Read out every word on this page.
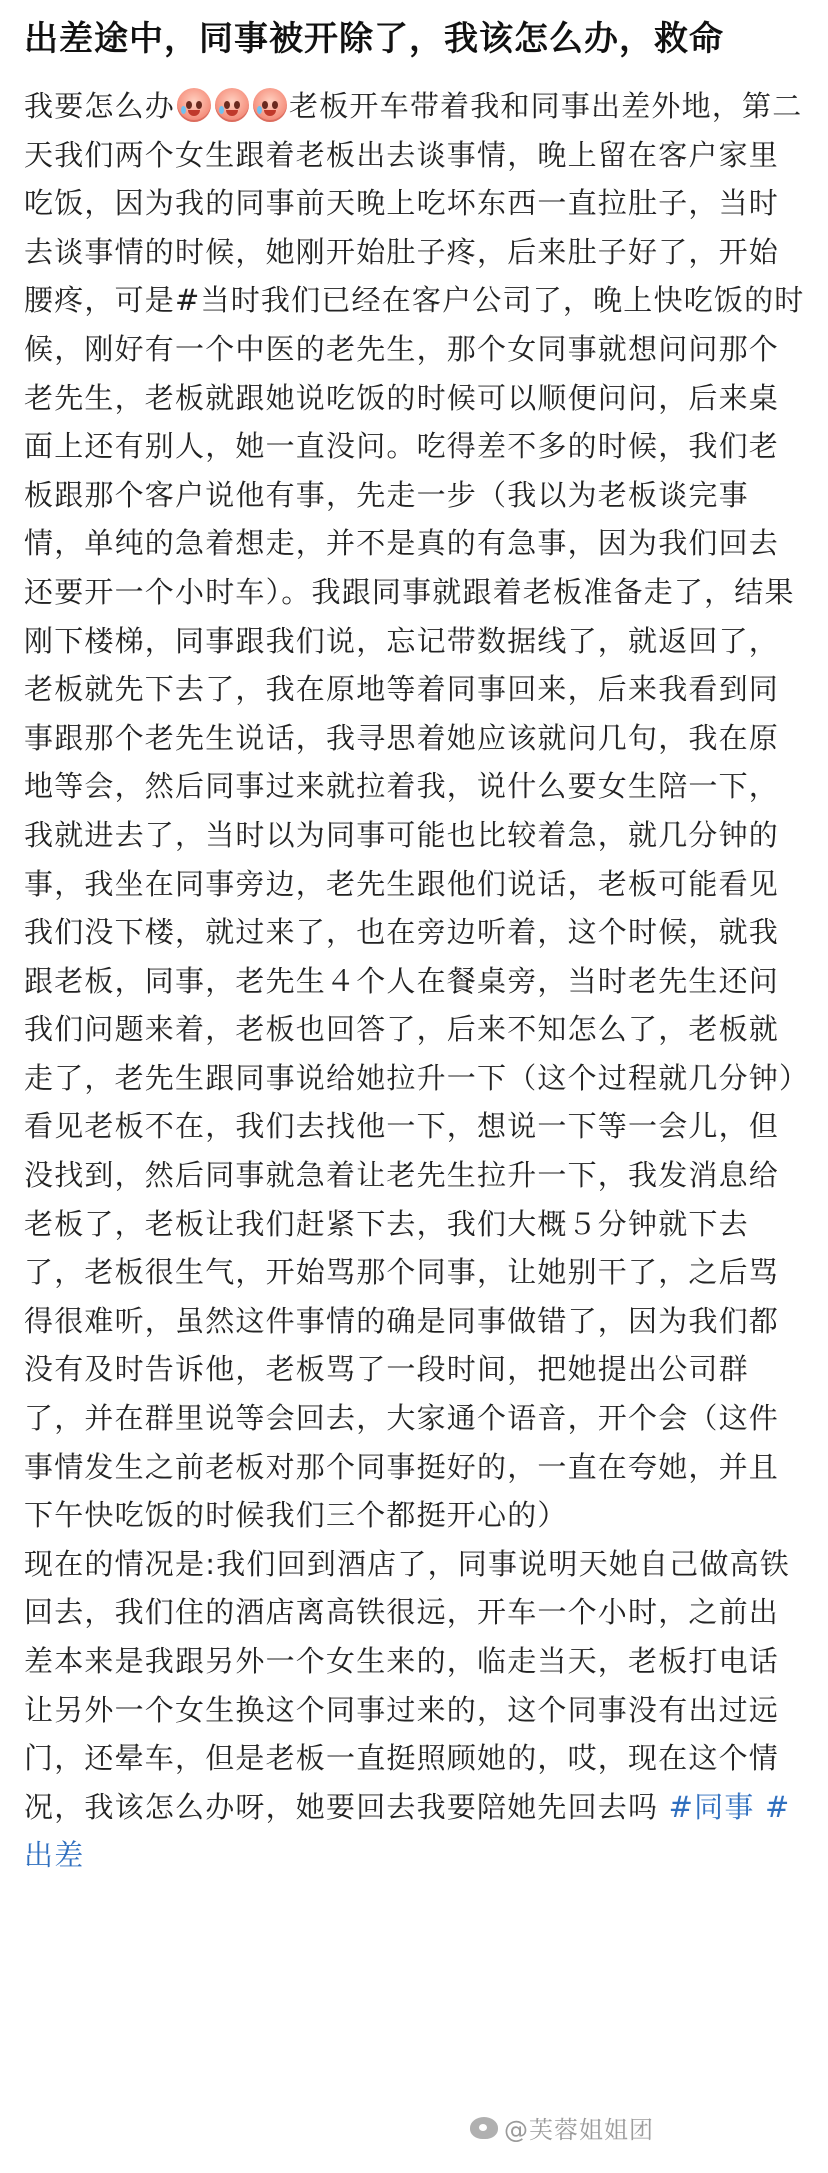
出差途中，同事被开除了，我该怎么办，救命

我要怎么办	老板开车带着我和同事出差外地，第二天我们两个女生跟着老板出去谈事情，晚上留在客户家里吃饭，因为我的同事前天晚上吃坏东西一直拉肚子，当时去谈事情的时候，她刚开始肚子疼，后来肚子好了，开始腰疼，可是#当时我们已经在客户公司了，晚上快吃饭的时候，刚好有一个中医的老先生，那个女同事就想问问那个老先生，老板就跟她说吃饭的时候可以顺便问问，后来桌面上还有别人，她一直没问。吃得差不多的时候，我们老板跟那个客户说他有事，先走一步（我以为老板谈完事情，单纯的急着想走，并不是真的有急事，因为我们回去还要开一个小时车）。我跟同事就跟着老板准备走了，结果刚下楼梯，同事跟我们说，忘记带数据线了，就返回了，老板就先下去了，我在原地等着同事回来，后来我看到同事跟那个老先生说话，我寻思着她应该就问几句，我在原地等会，然后同事过来就拉着我，说什么要女生陪一下，我就进去了，当时以为同事可能也比较着急，就几分钟的事，我坐在同事旁边，老先生跟他们说话，老板可能看见我们没下楼，就过来了，也在旁边听着，这个时候，就我跟老板，同事，老先生４个人在餐桌旁，当时老先生还问我们问题来着，老板也回答了，后来不知怎么了，老板就走了，老先生跟同事说给她拉升一下（这个过程就几分钟）看见老板不在，我们去找他一下，想说一下等一会儿，但没找到，然后同事就急着让老先生拉升一下，我发消息给老板了，老板让我们赶紧下去，我们大概５分钟就下去了，老板很生气，开始骂那个同事，让她别干了，之后骂得很难听，虽然这件事情的确是同事做错了，因为我们都没有及时告诉他，老板骂了一段时间，把她提出公司群了，并在群里说等会回去，大家通个语音，开个会（这件事情发生之前老板对那个同事挺好的，一直在夸她，并且下午快吃饭的时候我们三个都挺开心的）

现在的情况是:我们回到酒店了，同事说明天她自己做高铁回去，我们住的酒店离高铁很远，开车一个小时，之前出差本来是我跟另外一个女生来的，临走当天，老板打电话让另外一个女生换这个同事过来的，这个同事没有出过远门，还晕车，但是老板一直挺照顾她的，哎，现在这个情况，我该怎么办呀，她要回去我要陪她先回去吗 #同事 #出差

@芙蓉姐姐团
